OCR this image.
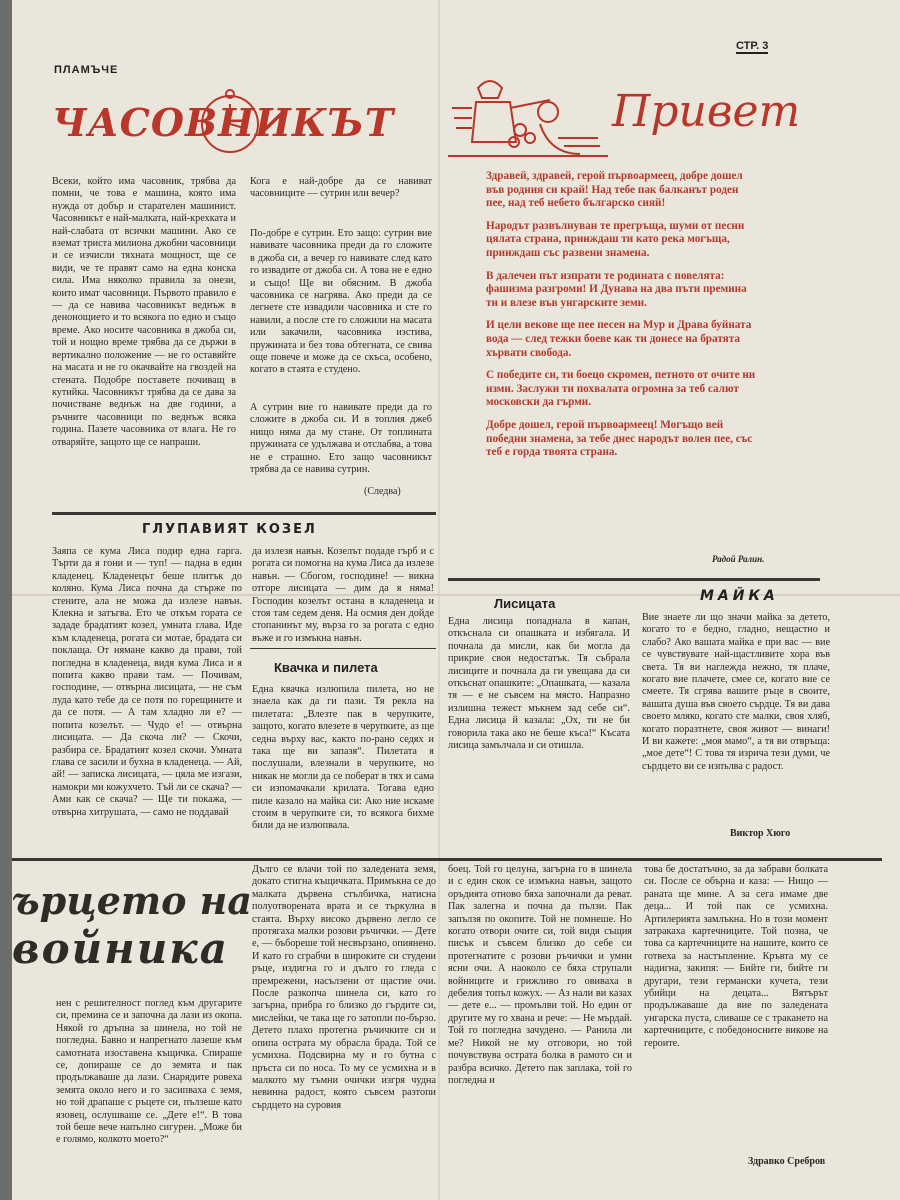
ПЛАМЪЧЕ
СТР. 3
ЧАСОВНИКЪТ

Всеки, който има часовник, трябва да помни, че това е машина, която има нужда от добър и старателен машинист. Часовникът е най-малката, най-крехката и най-слабата от всички машини. Ако се вземат триста милиона джобни часовници и се изчисли тяхната мощност, ще се види, че те правят само на една конска сила. Има няколко правила за онези, които имат часовници. Първото правило е — да се навива часовникът веднъж в денонощието и то всякога по едно и също време. Ако носите часовника в джоба си, той и нощно време трябва да се държи в вертикално положение — не го оставяйте на масата и не го окачвайте на гвоздей на стената. Подобре поставете почиващ в кутийка. Часовникът трябва да се дава за почистване веднъж на две години, а ръчните часовници по веднъж всяка година. Пазете часовника от влага. Не го отваряйте, защото ще се напраши.

Кога е най-добре да се навиват часовниците — сутрин или вечер?

По-добре е сутрин. Ето защо: сутрин вие навивате часовника преди да го сложите в джоба си, а вечер го навивате след като го извадите от джоба си. А това не е едно и също! Ще ви обясним. В джоба часовника се нагрява. Ако преди да се легнете сте извадили часовника и сте го навили, а после сте го сложили на масата или закачили, часовника изстива, пружината и без това обтегната, се свива още повече и може да се скъса, особено, когато в стаята е студено.

А сутрин вие го навивате преди да го сложите в джоба си. И в топлия джеб нищо няма да му стане. От топлината пружината се удължава и отслабва, а това не е страшно. Ето защо часовникът трябва да се навива сутрин.

(Следва)
ГЛУПАВИЯТ КОЗЕЛ

Заяпа се кума Лиса подир една гарга. Търти да я гони и — туп! — падна в един кладенец. Кладенецът беше плитък до коляно. Кума Лиса почна да стърже по стените, ала не можа да излезе навън. Клекна и затъгва. Ето че откъм гората се зададе брадатият козел, умната глава. Иде към кладенеца, рогата си мотае, брадата си поклаща. От нямане какво да прави, той погледна в кладенеца, видя кума Лиса и я попита какво прави там. — Почивам, господине, — отвърна лисицата, — не съм луда като тебе да се потя по горещините и да се потя. — А там хладно ли е? — попита козелът. — Чудо е! — отвърна лисицата. — Да скоча ли? — Скочи, разбира се. Брадатият козел скочи. Умната глава се засили и бухна в кладенеца. — Ай, ай! — записка лисицата, — цяла ме изгази, намокри ми кожухчето. Тъй ли се скача? — Ами как се скача? — Ще ти покажа, — отвърна хитрушата, — само не поддавай

да излезя навън. Козелът подаде гърб и с рогата си помогна на кума Лиса да излезе навън. — Сбогом, господине! — викна отгоре лисицата — дим да я няма! Господин козелът остана в кладенеца и стоя там седем деня. На осмия ден дойде стопанинът му, върза го за рогата с едно въже и го измъкна навън.

Квачка и пилета

Една квачка излюпила пилета, но не знаела как да ги пази. Тя рекла на пилетата: „Влезте пак в черупките, защото, когато влезете в черупките, аз ще седна върху вас, както по-рано седях и така ще ви запазя“. Пилетата я послушали, влезнали в черупките, но никак не могли да се поберат в тях и сама си изпомачкали крилата. Тогава едно пиле казало на майка си: Ако ние искаме стоим в черупките си, то всякога бихме били да не излюпвала.

Привет

Здравей, здравей, герой първоармеец, добре дошел във родния си край! Над тебе пак балканът роден пее, над теб небето българско сияй!

Народът развълнуван те прегръща, шуми от песни цялата страна, прииждаш ти като река могъща, прииждаш със развени знамена.

В далечен път изпрати те родината с повелята: фашизма разгроми! И Дунава на два пъти премина ти и влезе във унгарските земи.

И цели векове ще пее песен на Мур и Драва буйната вода — след тежки боеве как ти донесе на братята хървати свобода.

С победите си, ти боецо скромен, петното от очите ни изми. Заслужи ти похвалата огромна за теб салют московски да гърми.

Добре дошел, герой първоармеец! Могъщо вей победни знамена, за тебе днес народът волен пее, със теб е горда твоята страна.

Радой Ралин.
Лисицата

Една лисица попаднала в капан, откъснала си опашката и избягала. И почнала да мисли, как би могла да прикрие своя недостатък. Тя събрала лисиците и почнала да ги увещава да си откъснат опашките: „Опашката, — казала тя — е не съвсем на място. Напразно излишна тежест мъкнем зад себе си“. Една лисица й казала: „Ох, ти не би говорила така ако не беше къса!“ Късата лисица замълчала и си отишла.

МАЙКА

Вие знаете ли що значи майка за детето, когато то е бедно, гладно, нещастно и слабо? Ако вашата майка е при вас — вие се чувствувате най-щастливите хора във света. Тя ви наглежда нежно, тя плаче, когато вие плачете, смее се, когато вие се смеете. Тя сгрява вашите ръце в своите, вашата душа във своето сърдце. Тя ви дава своето мляко, когато сте малки, своя хляб, когато поразтнете, своя живот — винаги! И ви кажете: „моя мамо“, а тя ви отвръща: „мое дете“! С това тя изрича тези думи, че сърдцето ви се изпълва с радост.

Виктор Хюго
ърцето на
войника

нен с решителност поглед към другарите си, премина се и започна да лази из окопа. Някой го дръпна за шинела, но той не погледна. Бавно и напрегнато лазеше към самотната изоставена къщичка. Спираше се, допираше се до земята и пак продължаваше да лази. Снарядите ровеха земята около него и го засипваха с земя, но той драпаше с ръцете си, пълзеше като язовец, ослушваше се. „Дете е!“. В това той беше вече напълно сигурен. „Може би е голямо, колкото моето?“

Дълго се влачи той по заледената земя, докато стигна къщичката. Примъкна се до малката дървена стълбичка, натисна полуотворената врата и се търкулна в стаята. Върху високо дървено легло се протягаха малки розови ръчички. — Дете е, — бъбореше той несвързано, опиянено. И като го сграбчи в широките си студени ръце, издигна го и дълго го гледа с премрежени, насълзени от щастие очи. После разкопча шинела си, като го загърна, прибра го близко до гърдите си, мислейки, че така ще го затопли по-бързо. Детето плахо протегна ръчичките си и опипа острата му обрасла брада. Той се усмихна. Подсвирна му и го бутна с пръста си по носа. То му се усмихна и в малкото му тъмни очички изгря чудна невинна радост, която съвсем разтопи сърдцето на суровия

боец. Той го целуна, загърна го в шинела и с един скок се измъкна навън, защото оръдията отново бяха започнали да реват. Пак залегна и почна да пълзи. Пак запълзя по окопите. Той не помнеше. Но когато отвори очите си, той видя същия писък и съвсем близко до себе си протегнатите с розови ръчички и умни ясни очи. А наоколо се бяха струпали войниците и грижливо го овиваха в дебелия топъл кожух. — Аз нали ви казах — дете е... — промълви той. Но един от другите му го хвана и рече: — Не мърдай. Той го погледна зачудено. — Ранила ли ме? Никой не му отговори, но той почувствува острата болка в рамото си и разбра всичко. Детето пак заплака, той го погледна и

това бе достатъчно, за да забрави болката си. После се обърна и каза: — Нищо — раната ще мине. А за сега имаме две деца... И той пак се усмихна. Артилерията замлъкна. Но в този момент затракаха картечниците. Той позна, че това са картечниците на нашите, които се готвеха за настъпление. Кръвта му се надигна, закипя: — Бийте ги, бийте ги другари, тези германски кучета, тези убийци на децата... Вятърът продължаваше да вие по заледената унгарска пуста, сливаше се с тракането на картечниците, с победоносните викове на героите.

Здравко Сребров
